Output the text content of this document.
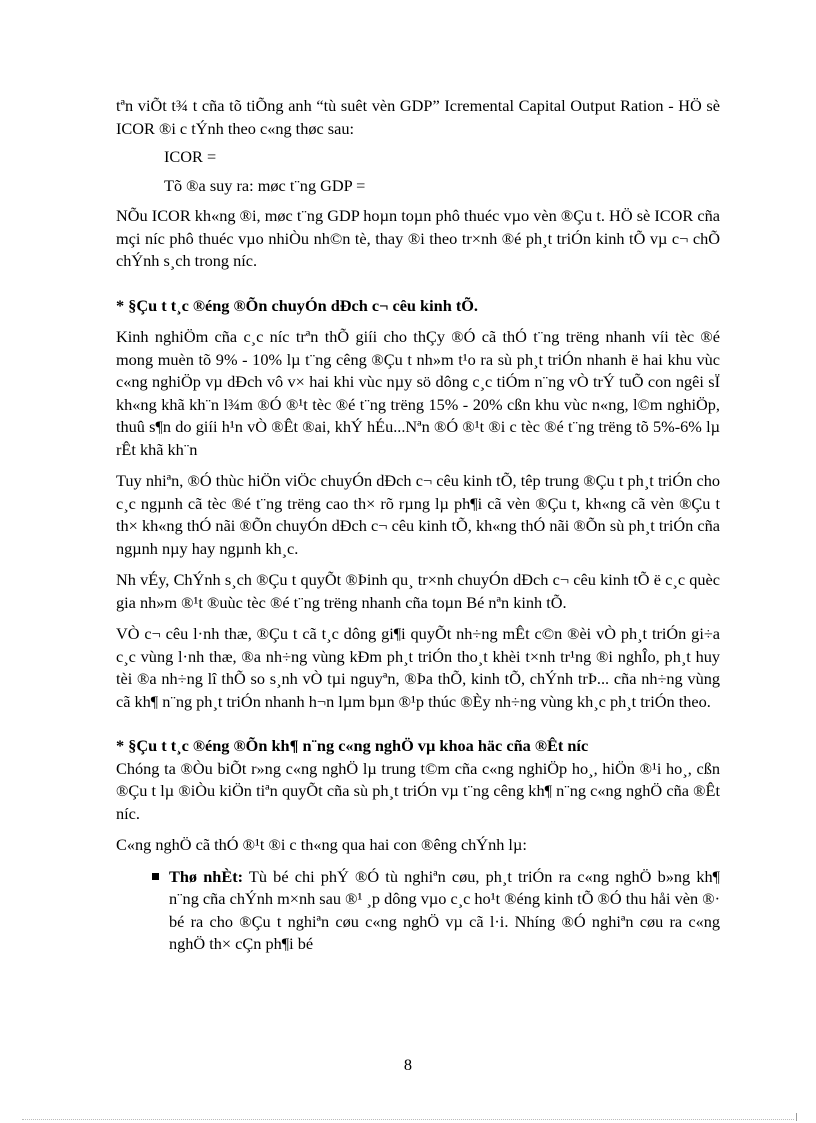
tªn viÕt t¾ t cña tõ tiÕng anh “tù suêt vèn GDP” Icremental Capital Output Ration - HÖ sè ICOR ®i c tÝnh theo c«ng thøc sau:

ICOR =

Tõ ®a suy ra: møc t¨ng GDP =

NÕu ICOR kh«ng ®i, møc t¨ng GDP hoµn toµn phô thuéc vµo vèn ®Çu t. HÖ sè ICOR cña mçi níc phô thuéc vµo nhiÒu nh©n tè, thay ®i theo tr×nh ®é ph¸t triÓn kinh tÕ vµ c¬ chÕ chÝnh s¸ch trong níc.

* §Çu t t¸c ®éng ®Õn chuyÓn dÐch c¬ cêu kinh tÕ.

Kinh nghiÖm cña c¸c níc trªn thÕ giíi cho thÇy ®Ó cã thÓ t¨ng trëng nhanh víi tèc ®é mong muèn tõ 9% - 10% lµ t¨ng cêng ®Çu t nh»m t¹o ra sù ph¸t triÓn nhanh ë hai khu vùc c«ng nghiÖp vµ dÐch vô v× hai khi vùc nµy sö dông c¸c tiÓm n¨ng vÒ trÝ tuÕ con ngêi sÏ kh«ng khã kh¨n l¾m ®Ó ®¹t tèc ®é t¨ng trëng 15% - 20% cßn khu vùc n«ng, l©m nghiÖp, thuû s¶n do giíi h¹n vÒ ®Êt ®ai, khÝ hÉu...Nªn ®Ó ®¹t ®i c tèc ®é t¨ng trëng tõ 5%-6% lµ rÊt khã kh¨n

Tuy nhiªn, ®Ó thùc hiÖn viÖc chuyÓn dÐch c¬ cêu kinh tÕ, têp trung ®Çu t ph¸t triÓn cho c¸c ngµnh cã tèc ®é t¨ng trëng cao th× rõ rµng lµ ph¶i cã vèn ®Çu t, kh«ng cã vèn ®Çu t th× kh«ng thÓ nãi ®Õn chuyÓn dÐch c¬ cêu kinh tÕ, kh«ng thÓ nãi ®Õn sù ph¸t triÓn cña ngµnh nµy hay ngµnh kh¸c.

Nh vÉy, ChÝnh s¸ch ®Çu t quyÕt ®Þinh qu¸ tr×nh chuyÓn dÐch c¬ cêu kinh tÕ ë c¸c quèc gia nh»m ®¹t ®uùc tèc ®é t¨ng trëng nhanh cña toµn Bé nªn kinh tÕ.

VÒ c¬ cêu l·nh thæ, ®Çu t cã t¸c dông gi¶i quyÕt nh÷ng mÊt c©n ®èi vÒ ph¸t triÓn gi÷a c¸c vùng l·nh thæ, ®a nh÷ng vùng kÐm ph¸t triÓn tho¸t khèi t×nh tr¹ng ®i nghÎo, ph¸t huy tèi ®a nh÷ng lî thÕ so s¸nh vÒ tµi nguyªn, ®Þa thÕ, kinh tÕ, chÝnh trÞ... cña nh÷ng vùng cã kh¶ n¨ng ph¸t triÓn nhanh h¬n lµm bµn ®¹p thúc ®Èy nh÷ng vùng kh¸c ph¸t triÓn theo.

* §Çu t t¸c ®éng ®Õn kh¶ n¨ng c«ng nghÖ vµ khoa häc cña ®Êt níc

Chóng ta ®Òu biÕt r»ng c«ng nghÖ lµ trung t©m cña c«ng nghiÖp ho¸, hiÖn ®¹i ho¸, cßn ®Çu t lµ ®iÒu kiÖn tiªn quyÕt cña sù ph¸t triÓn vµ t¨ng cêng kh¶ n¨ng c«ng nghÖ cña ®Êt níc.

C«ng nghÖ cã thÓ ®¹t ®i c th«ng qua hai con ®êng chÝnh lµ:

Thø nhÈt: Tù bé chi phÝ ®Ó tù nghiªn cøu, ph¸t triÓn ra c«ng nghÖ b»ng kh¶ n¨ng cña chÝnh m×nh sau ®¹ ¸p dông vµo c¸c ho¹t ®éng kinh tÕ ®Ó thu håi vèn ®· bé ra cho ®Çu t nghiªn cøu c«ng nghÖ vµ cã l·i. Nhíng ®Ó nghiªn cøu ra c«ng nghÖ th× cÇn ph¶i bé

8
